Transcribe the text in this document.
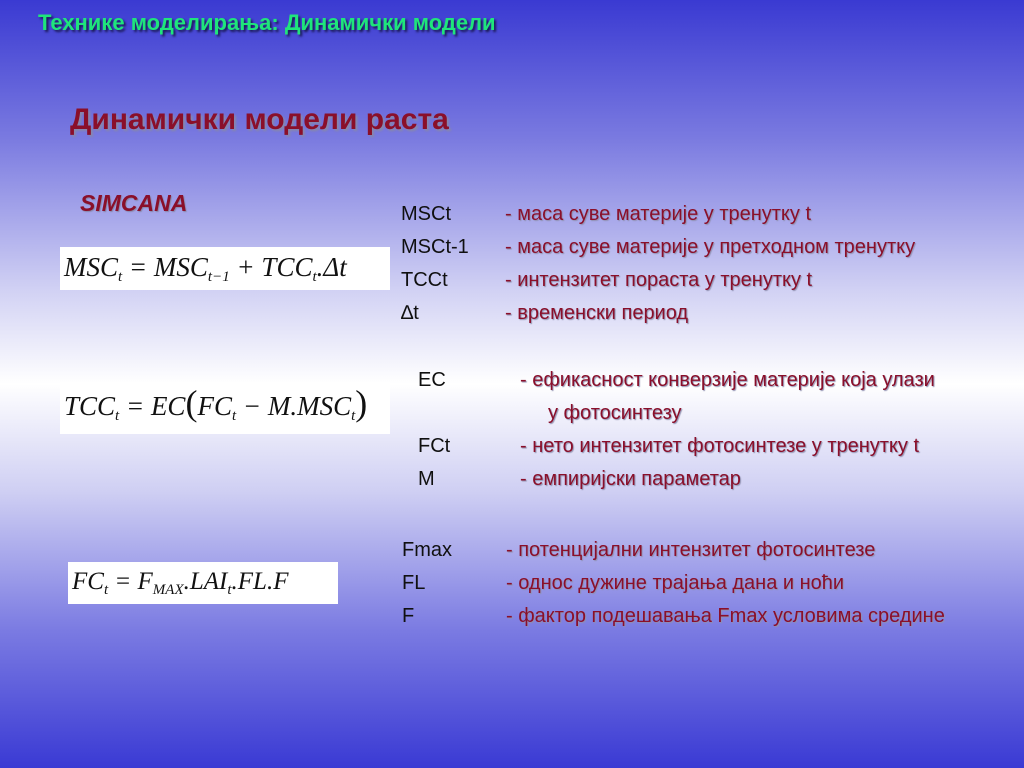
Технике моделирања: Динамички модели
Динамички модели раста
SIMCANA
$MSC_t = MSC_{t-1} + TCC_t.\Delta t$
$TCC_t = EC(FC_t - M.MSC_t)$
$FC_t = F_{MAX}.LAI_t.FL.F$
MSCt	- маса суве материје у тренутку t
MSCt-1	- маса суве материје у претходном тренутку
TCCt	- интензитет пораста у тренутку t
∆t	- временски период
EC	- ефикасност конверзије материје која улази
у фотосинтезу
FCt	- нето интензитет фотосинтезе у тренутку t
M	- емпиријски параметар
Fmax	- потенцијални интензитет фотосинтезе
FL	- однос дужине трајања дана и ноћи
F	- фактор подешавања Fmax условима средине
